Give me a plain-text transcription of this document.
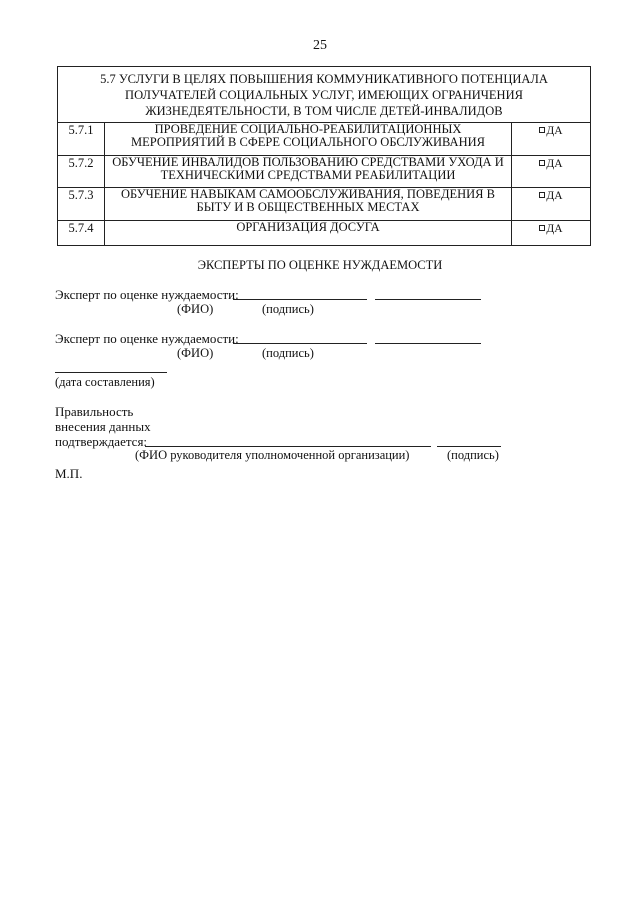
25
5.7 УСЛУГИ В ЦЕЛЯХ ПОВЫШЕНИЯ КОММУНИКАТИВНОГО ПОТЕНЦИАЛА
ПОЛУЧАТЕЛЕЙ СОЦИАЛЬНЫХ УСЛУГ, ИМЕЮЩИХ ОГРАНИЧЕНИЯ
ЖИЗНЕДЕЯТЕЛЬНОСТИ, В ТОМ ЧИСЛЕ ДЕТЕЙ-ИНВАЛИДОВ		

5.7.1	ПРОВЕДЕНИЕ СОЦИАЛЬНО-РЕАБИЛИТАЦИОННЫХ
МЕРОПРИЯТИЙ В СФЕРЕ СОЦИАЛЬНОГО ОБСЛУЖИВАНИЯ	ДА
5.7.2	ОБУЧЕНИЕ ИНВАЛИДОВ ПОЛЬЗОВАНИЮ СРЕДСТВАМИ УХОДА И
ТЕХНИЧЕСКИМИ СРЕДСТВАМИ РЕАБИЛИТАЦИИ	ДА
5.7.3	ОБУЧЕНИЕ НАВЫКАМ САМООБСЛУЖИВАНИЯ, ПОВЕДЕНИЯ В
БЫТУ И В ОБЩЕСТВЕННЫХ МЕСТАХ	ДА
5.7.4	ОРГАНИЗАЦИЯ ДОСУГА	ДА
ЭКСПЕРТЫ ПО ОЦЕНКЕ НУЖДАЕМОСТИ
Эксперт по оценке нуждаемости:
(ФИО)	(подпись)
Эксперт по оценке нуждаемости:
(ФИО)	(подпись)
(дата составления)
Правильность
внесения данных
подтверждается:
(ФИО руководителя уполномоченной организации)	(подпись)
М.П.
